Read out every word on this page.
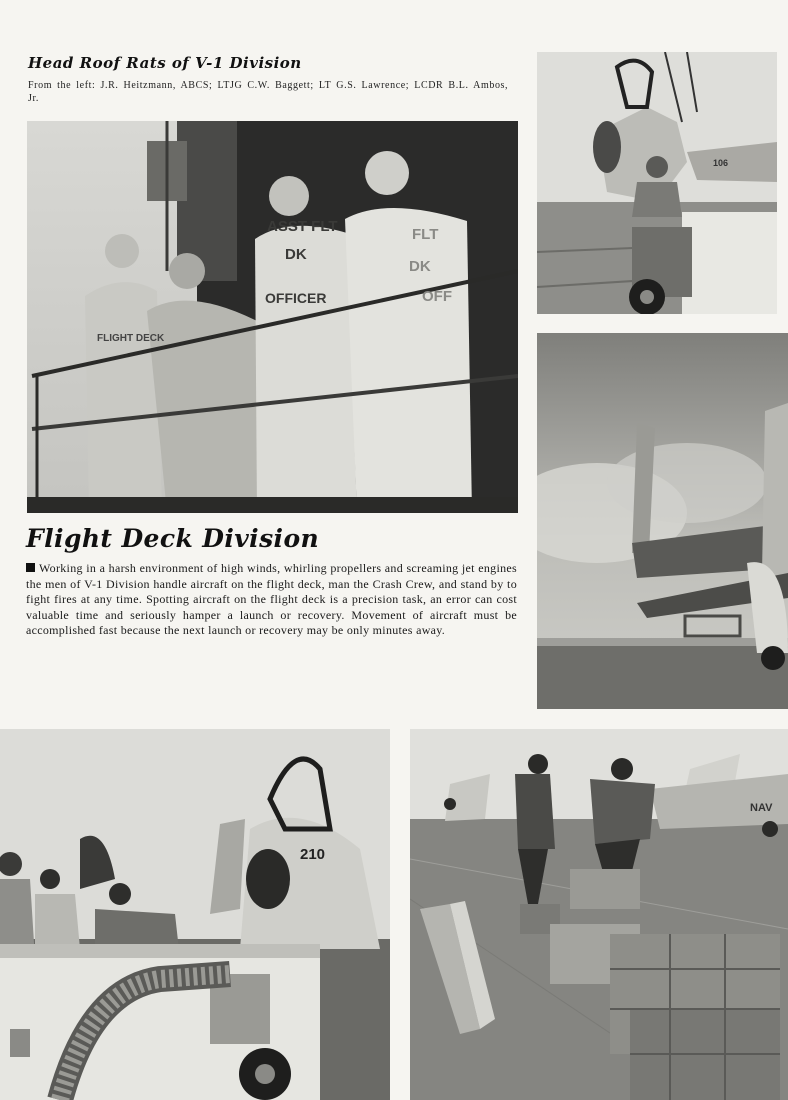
FLIGHT DECK
ASST FLT
DK
OFFICER
FLT
DK
OFF
106
210
NAV
Head Roof Rats of V-1 Division
From the left: J.R. Heitzmann, ABCS; LTJG C.W. Baggett; LT G.S. Lawrence; LCDR B.L. Ambos, Jr.
Flight Deck Division
Working in a harsh environment of high winds, whirling propellers and screaming jet engines the men of V-1 Division handle aircraft on the flight deck, man the Crash Crew, and stand by to fight fires at any time. Spotting aircraft on the flight deck is a precision task, an error can cost valuable time and seriously hamper a launch or recovery. Movement of aircraft must be accomplished fast because the next launch or recovery may be only minutes away.
